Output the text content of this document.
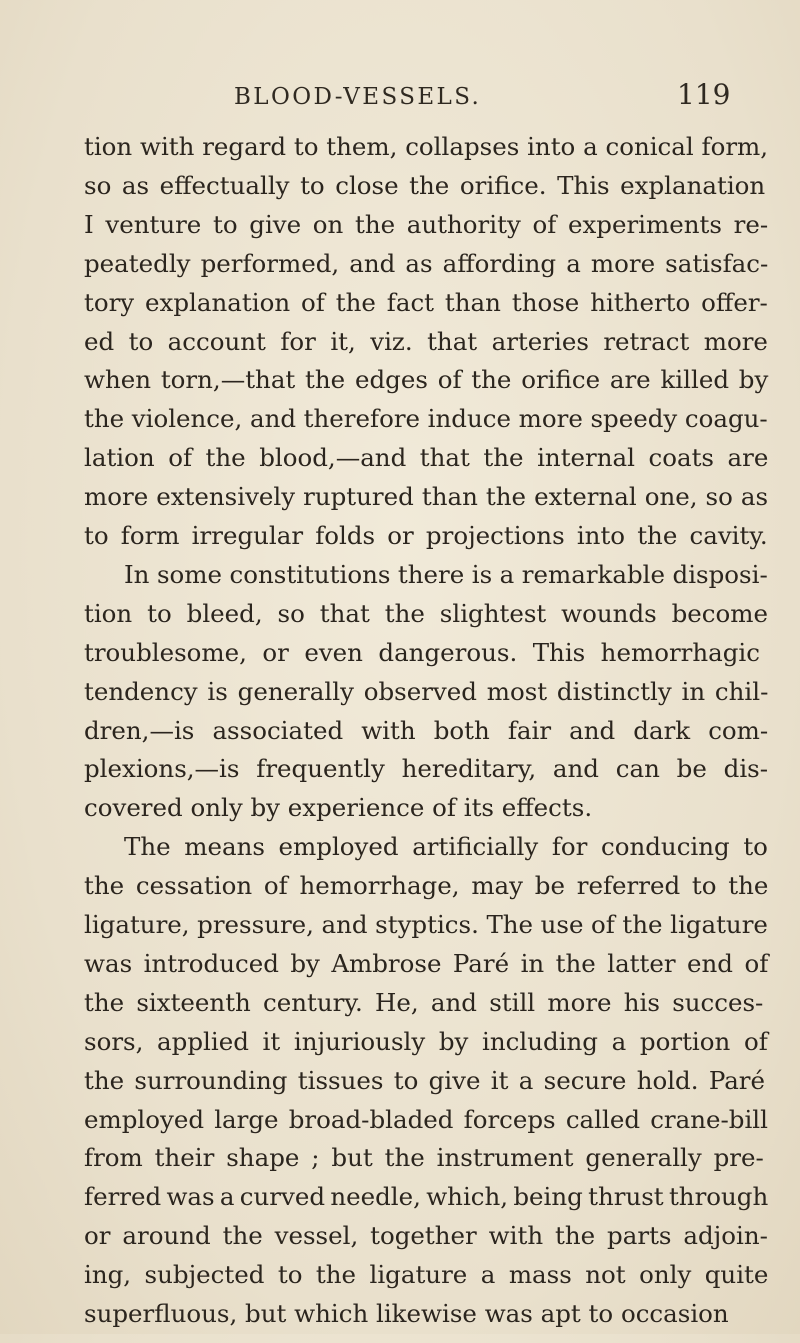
BLOOD-VESSELS.	119
tion with regard to them, collapses into a conical form,
so as effectually to close the orifice. This explanation
I venture to give on the authority of experiments re-
peatedly performed, and as affording a more satisfac-
tory explanation of the fact than those hitherto offer-
ed to account for it, viz. that arteries retract more
when torn,—that the edges of the orifice are killed by
the violence, and therefore induce more speedy coagu-
lation of the blood,—and that the internal coats are
more extensively ruptured than the external one, so as
to form irregular folds or projections into the cavity.
In some constitutions there is a remarkable disposi-
tion to bleed, so that the slightest wounds become
troublesome, or even dangerous. This hemorrhagic
tendency is generally observed most distinctly in chil-
dren,—is associated with both fair and dark com-
plexions,—is frequently hereditary, and can be dis-
covered only by experience of its effects.
The means employed artificially for conducing to
the cessation of hemorrhage, may be referred to the
ligature, pressure, and styptics. The use of the ligature
was introduced by Ambrose Paré in the latter end of
the sixteenth century. He, and still more his succes-
sors, applied it injuriously by including a portion of
the surrounding tissues to give it a secure hold. Paré
employed large broad-bladed forceps called crane-bill
from their shape ; but the instrument generally pre-
ferred was a curved needle, which, being thrust through
or around the vessel, together with the parts adjoin-
ing, subjected to the ligature a mass not only quite
superfluous, but which likewise was apt to occasion
